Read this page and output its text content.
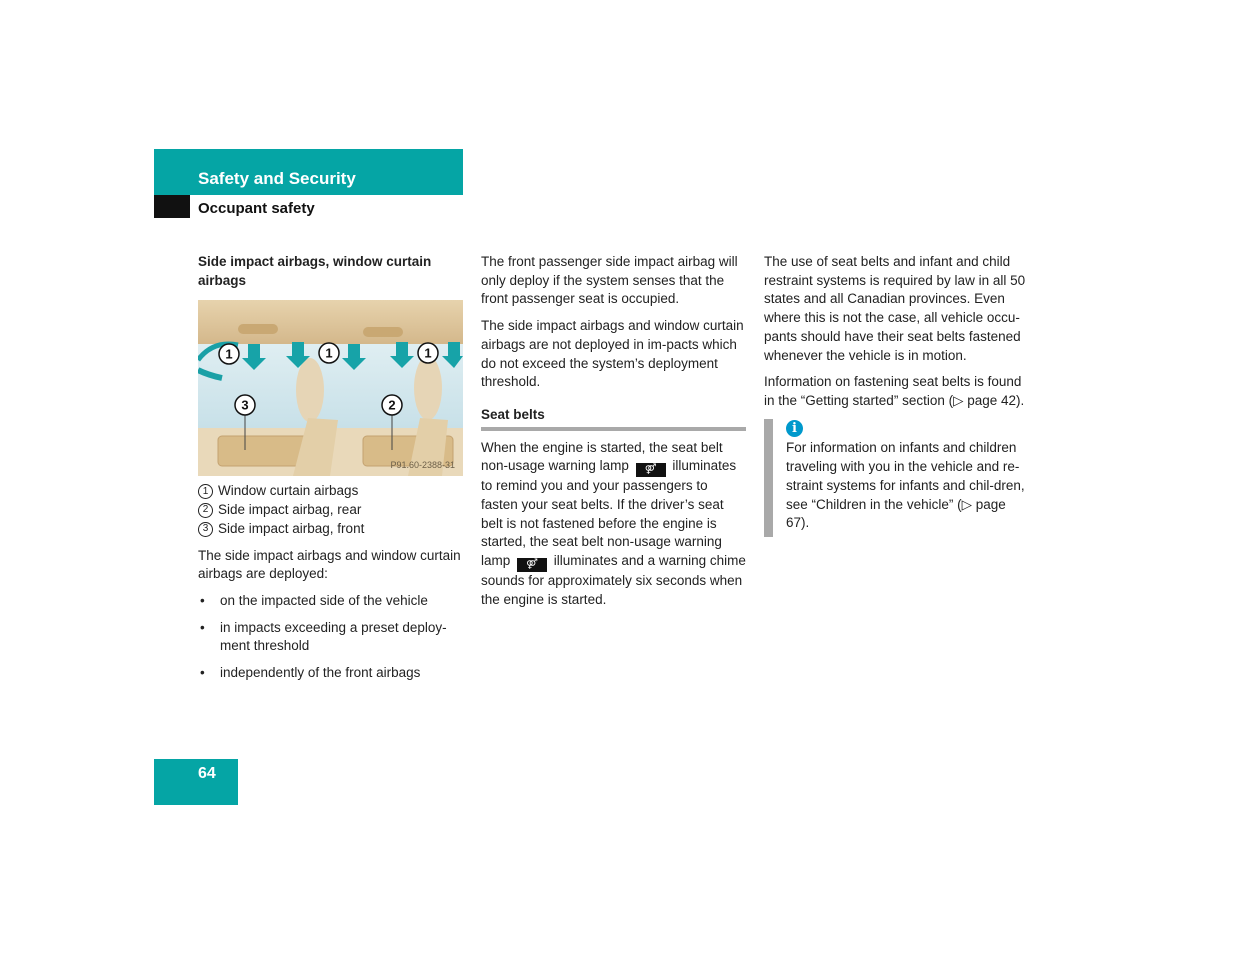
Safety and Security
Occupant safety
Side impact airbags, window curtain airbags
1	1	1
3	2
P91.60-2388-31
1 Window curtain airbags
2 Side impact airbag, rear
3 Side impact airbag, front

The side impact airbags and window curtain airbags are deployed:

• on the impacted side of the vehicle
• in impacts exceeding a preset deploy-ment threshold
• independently of the front airbags

The front passenger side impact airbag will only deploy if the system senses that the front passenger seat is occupied.

The side impact airbags and window curtain airbags are not deployed in im-pacts which do not exceed the system’s deployment threshold.

Seat belts

When the engine is started, the seat belt non-usage warning lamp ⚤ illuminates to remind you and your passengers to fasten your seat belts. If the driver’s seat belt is not fastened before the engine is started, the seat belt non-usage warning lamp ⚤ illuminates and a warning chime sounds for approximately six seconds when the engine is started.

The use of seat belts and infant and child restraint systems is required by law in all 50 states and all Canadian provinces. Even where this is not the case, all vehicle occu-pants should have their seat belts fastened whenever the vehicle is in motion.

Information on fastening seat belts is found in the “Getting started” section (▷ page 42).

i
For information on infants and children traveling with you in the vehicle and re-straint systems for infants and chil-dren, see “Children in the vehicle” (▷ page 67).
64
